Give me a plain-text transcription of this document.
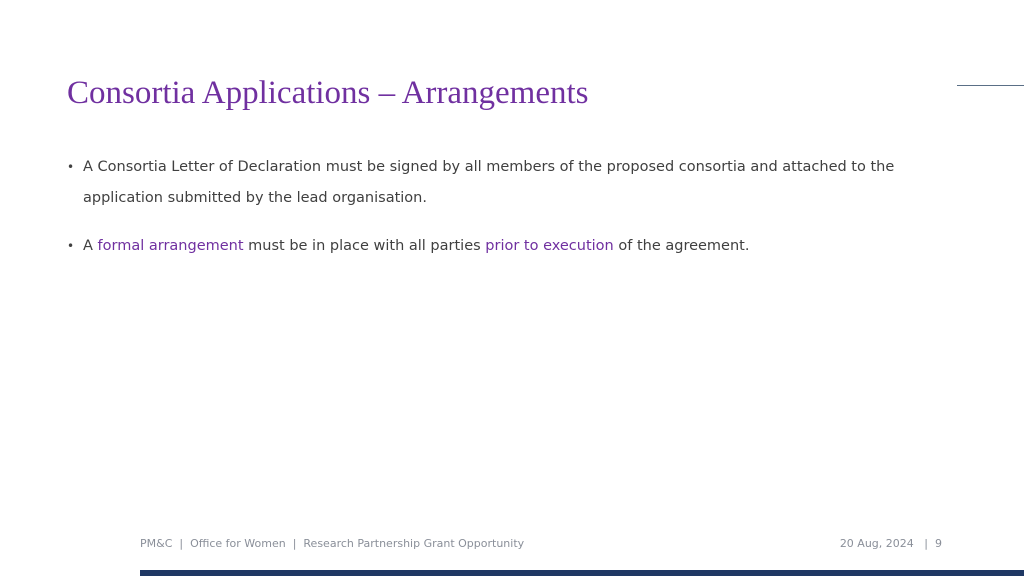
Consortia Applications – Arrangements
• A Consortia Letter of Declaration must be signed by all members of the proposed consortia and attached to the application submitted by the lead organisation.
• A formal arrangement must be in place with all parties prior to execution of the agreement.
PM&C  |  Office for Women  |  Research Partnership Grant Opportunity	20 Aug, 2024 | 9
